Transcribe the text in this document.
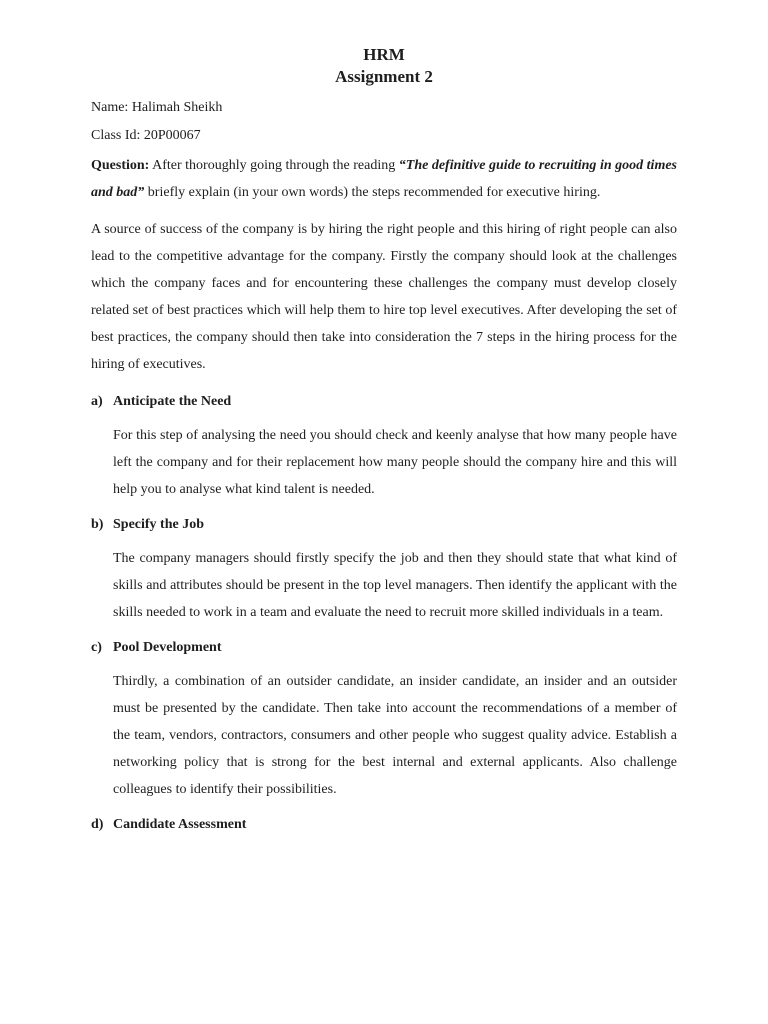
HRM

Assignment 2

Name: Halimah Sheikh

Class Id: 20P00067

Question: After thoroughly going through the reading “The definitive guide to recruiting in good times and bad” briefly explain (in your own words) the steps recommended for executive hiring.

A source of success of the company is by hiring the right people and this hiring of right people can also lead to the competitive advantage for the company. Firstly the company should look at the challenges which the company faces and for encountering these challenges the company must develop closely related set of best practices which will help them to hire top level executives. After developing the set of best practices, the company should then take into consideration the 7 steps in the hiring process for the hiring of executives.

a) Anticipate the Need

For this step of analysing the need you should check and keenly analyse that how many people have left the company and for their replacement how many people should the company hire and this will help you to analyse what kind talent is needed.

b) Specify the Job

The company managers should firstly specify the job and then they should state that what kind of skills and attributes should be present in the top level managers. Then identify the applicant with the skills needed to work in a team and evaluate the need to recruit more skilled individuals in a team.

c) Pool Development

Thirdly, a combination of an outsider candidate, an insider candidate, an insider and an outsider must be presented by the candidate. Then take into account the recommendations of a member of the team, vendors, contractors, consumers and other people who suggest quality advice. Establish a networking policy that is strong for the best internal and external applicants. Also challenge colleagues to identify their possibilities.

d) Candidate Assessment
